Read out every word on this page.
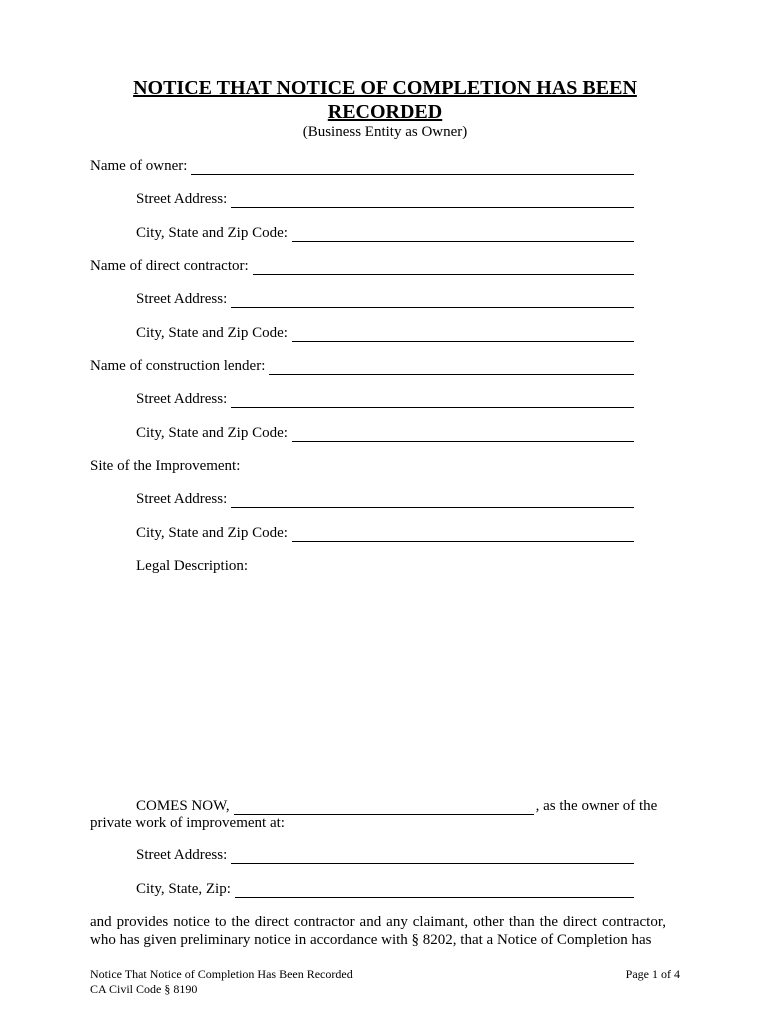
NOTICE THAT NOTICE OF COMPLETION HAS BEEN
RECORDED
(Business Entity as Owner)
Name of owner:
Street Address:
City, State and Zip Code:
Name of direct contractor:
Street Address:
City, State and Zip Code:
Name of construction lender:
Street Address:
City, State and Zip Code:
Site of the Improvement:
Street Address:
City, State and Zip Code:
Legal Description:
COMES NOW,	, as the owner of the
private work of improvement at:
Street Address:
City, State, Zip:
and provides notice to the direct contractor and any claimant, other than the direct contractor, who has given preliminary notice in accordance with § 8202, that a Notice of Completion has
Notice That Notice of Completion Has Been Recorded
CA Civil Code § 8190
Page 1 of 4
